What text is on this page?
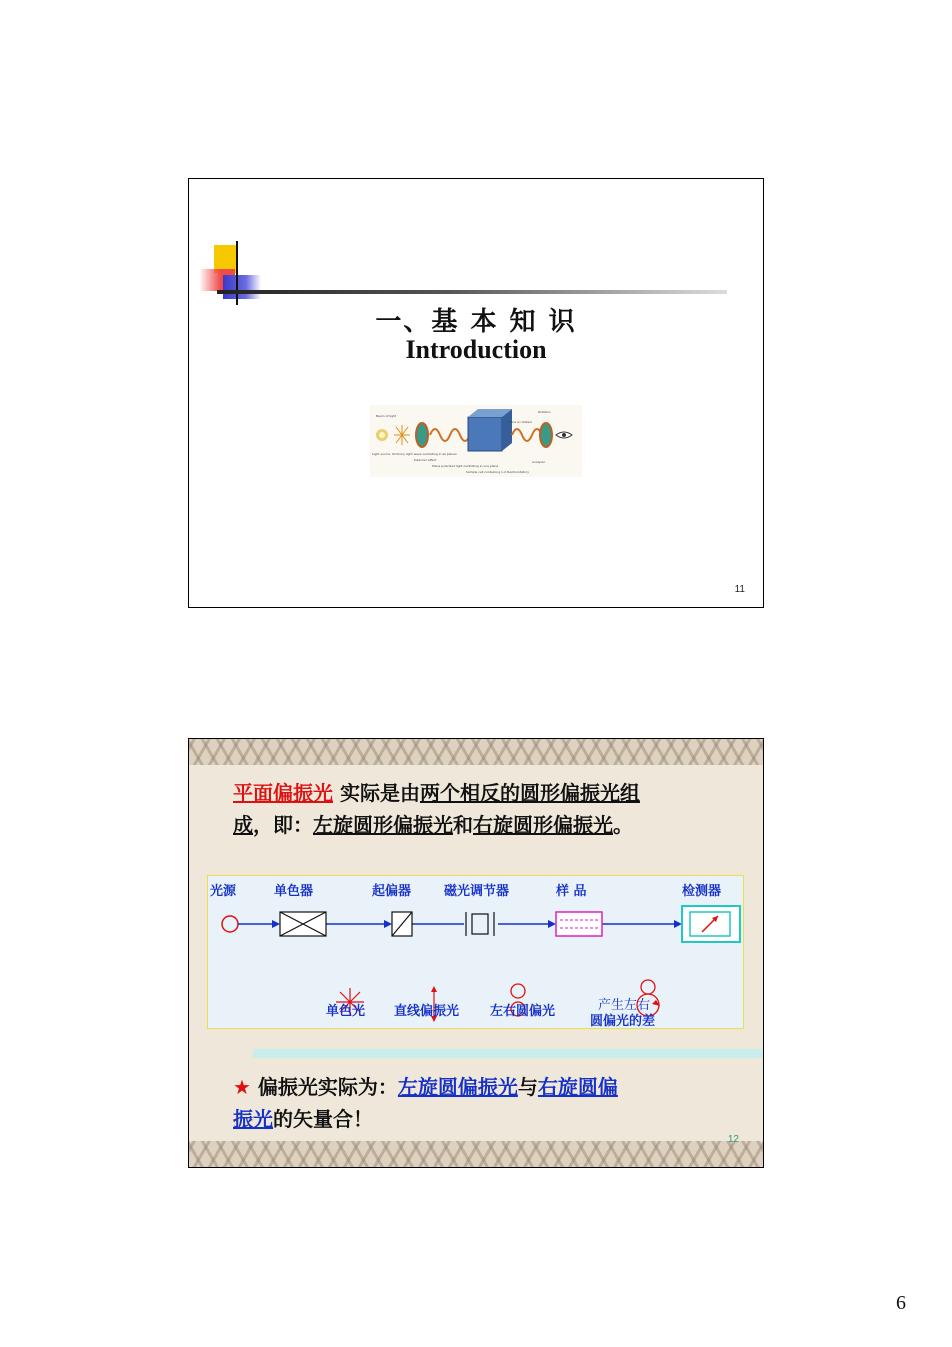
一、基 本 知 识
Introduction
Beam of light
Light source Ordinary light wave oscillating in all planes
Polarizer effect
Plane polarized light oscillating in one plane
Sample cell containing 1-2 Dextrorotatory
Plane is rotated
Rotation
Analyzer
11
平面偏振光 实际是由两个相反的圆形偏振光组
成，即：左旋圆形偏振光和右旋圆形偏振光。
光源	单色器	起偏器	磁光调节器	样 品	检测器
单色光 直线偏振光 左右圆偏光	产生左右
圆偏光的差
★ 偏振光实际为：左旋圆偏振光与右旋圆偏
振光的矢量合！
12
6
